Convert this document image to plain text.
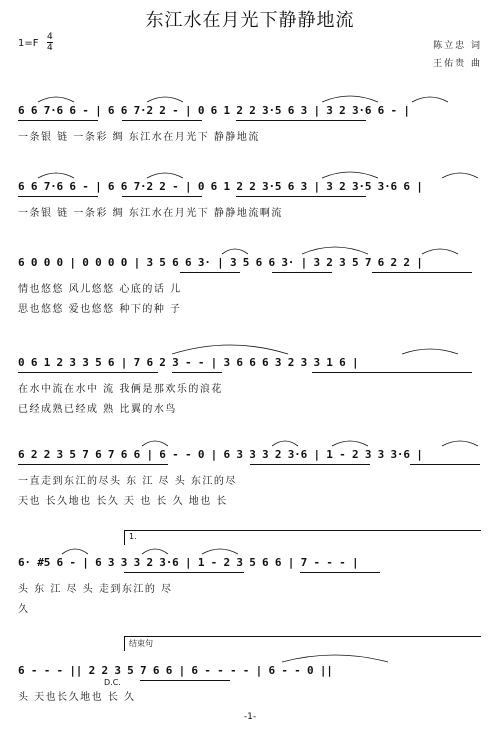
东江水在月光下静静地流
1=F
4
4	陈立忠 词
王佑贵 曲
6 6 7·6 6 - | 6 6 7·2 2 - | 0 6 1 2 2 3·5 6 3 | 3 2 3·6 6 - |
一条银 链 一条彩 绸 东江水在月光下 静静地流
6 6 7·6 6 - | 6 6 7·2 2 - | 0 6 1 2 2 3·5 6 3 | 3 2 3·5 3·6 6 |
一条银 链 一条彩 绸 东江水在月光下 静静地流啊流
6 0 0 0 | 0 0 0 0 | 3 5 6 6 3· | 3 5 6 6 3· | 3 2 3 5 7 6 2 2 |
情也悠悠 风儿悠悠 心底的话 儿
思也悠悠 爱也悠悠 种下的种 子
0 6 1 2 3 3 5 6 | 7 6 2 3 - - | 3 6 6 6 3 2 3 3 1 6 |
在水中流在水中 流 我俩是那欢乐的浪花
已经成熟已经成 熟 比翼的水鸟
6 2 2 3 5 7 6 7 6 6 | 6 - - 0 | 6 3 3 3 2 3·6 | 1 - 2 3 3 3·6 |
一直走到东江的尽头 东 江 尽 头 东江的尽
天也 长久地也 长久 天 也 长 久 地也 长
1.
6· #5 6 - | 6 3 3 3 2 3·6 | 1 - 2 3 5 6 6 | 7 - - - |
头 东 江 尽 头 走到东江的 尽
久
结束句
6 - - - || 2 2 3 5 7 6 6 | 6 - - - - | 6 - - 0 ||
D.C.
头 天也长久地也 长 久
-1-
